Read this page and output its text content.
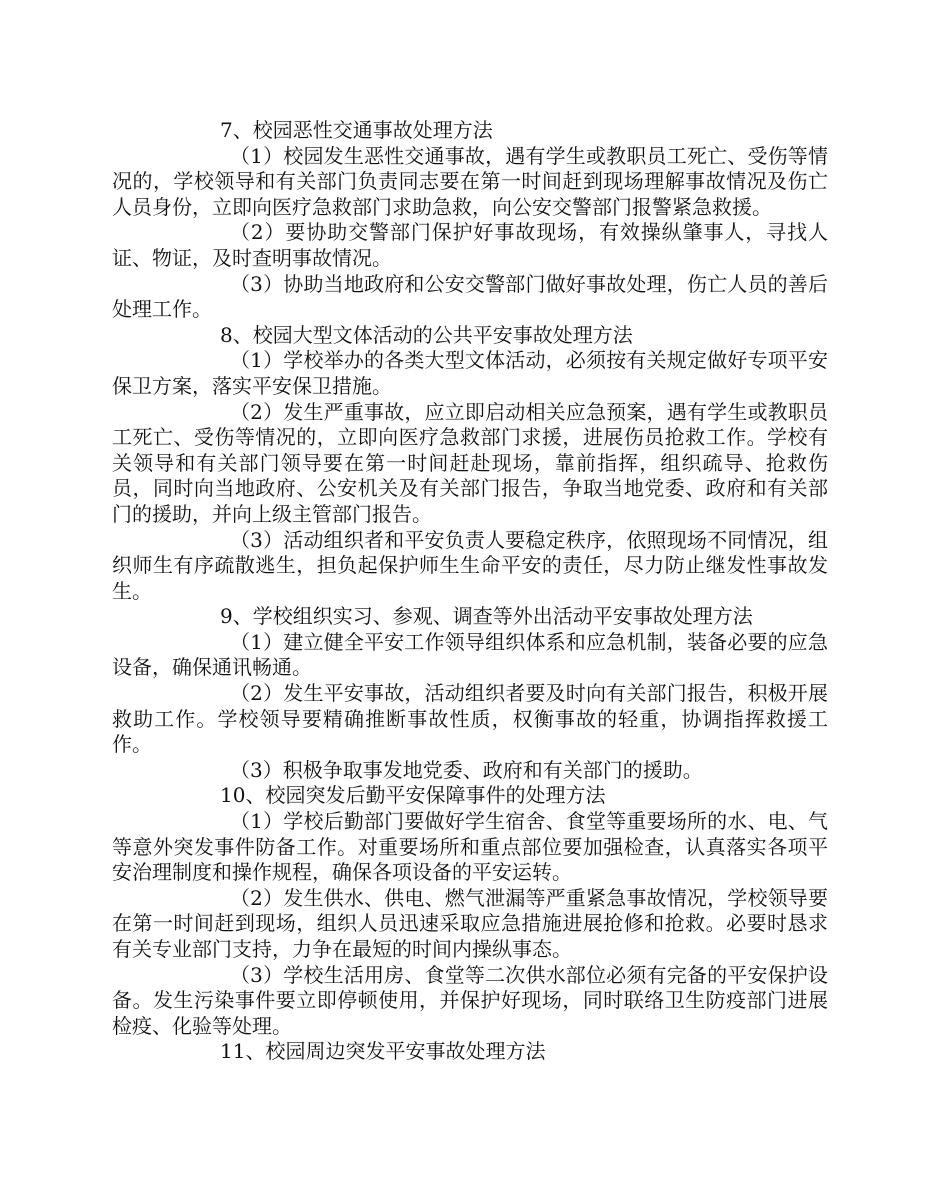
7、校园恶性交通事故处理方法

（1）校园发生恶性交通事故，遇有学生或教职员工死亡、受伤等情况的，学校领导和有关部门负责同志要在第一时间赶到现场理解事故情况及伤亡人员身份，立即向医疗急救部门求助急救，向公安交警部门报警紧急救援。

（2）要协助交警部门保护好事故现场，有效操纵肇事人，寻找人证、物证，及时查明事故情况。

（3）协助当地政府和公安交警部门做好事故处理，伤亡人员的善后处理工作。

8、校园大型文体活动的公共平安事故处理方法

（1）学校举办的各类大型文体活动，必须按有关规定做好专项平安保卫方案，落实平安保卫措施。

（2）发生严重事故，应立即启动相关应急预案，遇有学生或教职员工死亡、受伤等情况的，立即向医疗急救部门求援，进展伤员抢救工作。学校有关领导和有关部门领导要在第一时间赶赴现场，靠前指挥，组织疏导、抢救伤员，同时向当地政府、公安机关及有关部门报告，争取当地党委、政府和有关部门的援助，并向上级主管部门报告。

（3）活动组织者和平安负责人要稳定秩序，依照现场不同情况，组织师生有序疏散逃生，担负起保护师生生命平安的责任，尽力防止继发性事故发生。

9、学校组织实习、参观、调查等外出活动平安事故处理方法

（1）建立健全平安工作领导组织体系和应急机制，装备必要的应急设备，确保通讯畅通。

（2）发生平安事故，活动组织者要及时向有关部门报告，积极开展救助工作。学校领导要精确推断事故性质，权衡事故的轻重，协调指挥救援工作。

（3）积极争取事发地党委、政府和有关部门的援助。

10、校园突发后勤平安保障事件的处理方法

（1）学校后勤部门要做好学生宿舍、食堂等重要场所的水、电、气等意外突发事件防备工作。对重要场所和重点部位要加强检查，认真落实各项平安治理制度和操作规程，确保各项设备的平安运转。

（2）发生供水、供电、燃气泄漏等严重紧急事故情况，学校领导要在第一时间赶到现场，组织人员迅速采取应急措施进展抢修和抢救。必要时恳求有关专业部门支持，力争在最短的时间内操纵事态。

（3）学校生活用房、食堂等二次供水部位必须有完备的平安保护设备。发生污染事件要立即停顿使用，并保护好现场，同时联络卫生防疫部门进展检疫、化验等处理。

11、校园周边突发平安事故处理方法
